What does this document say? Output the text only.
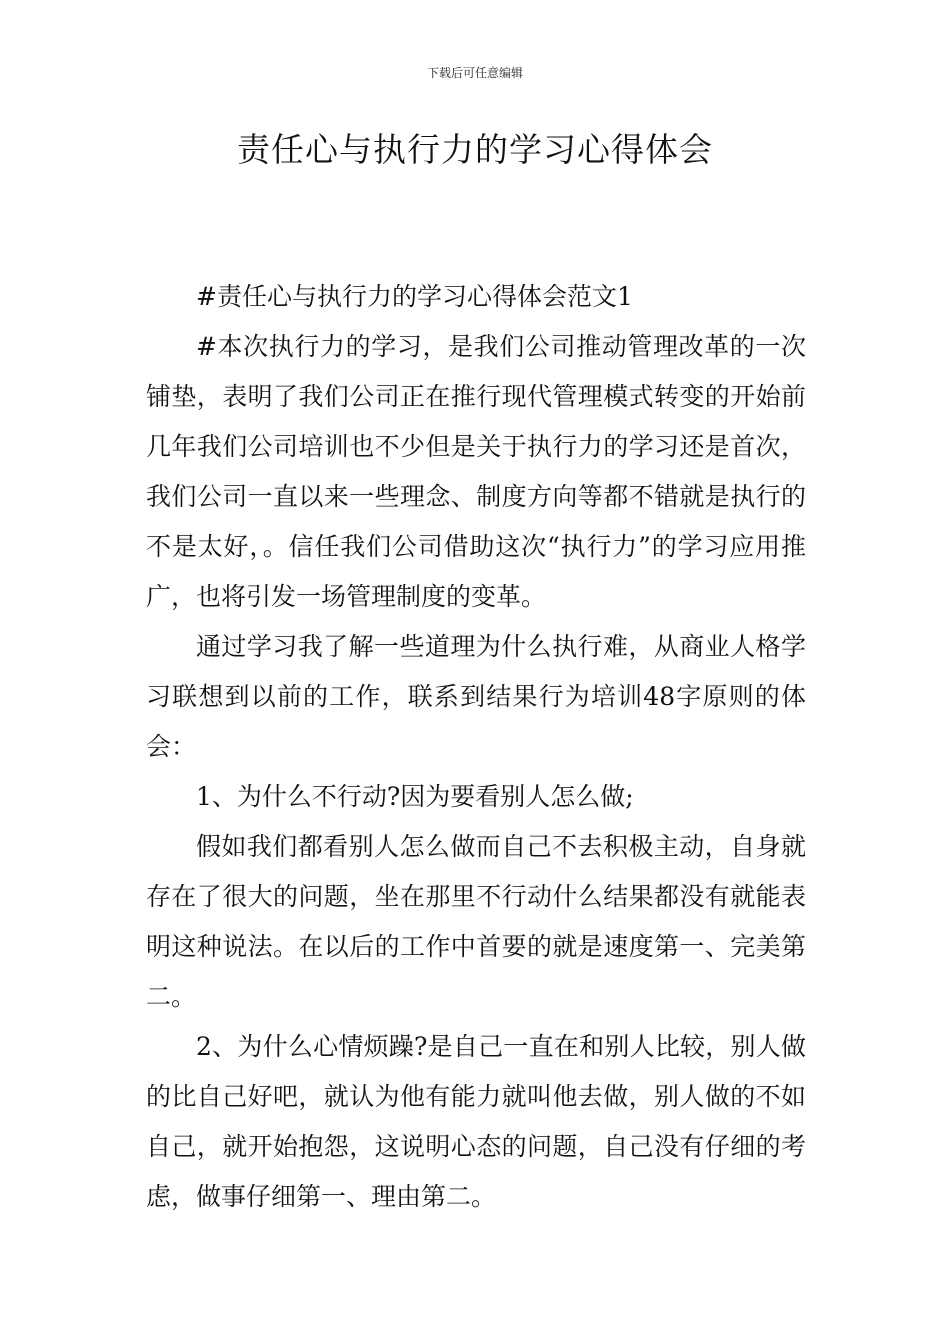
下载后可任意编辑
责任心与执行力的学习心得体会

#责任心与执行力的学习心得体会范文1

#本次执行力的学习，是我们公司推动管理改革的一次铺垫，表明了我们公司正在推行现代管理模式转变的开始前几年我们公司培训也不少但是关于执行力的学习还是首次，我们公司一直以来一些理念、制度方向等都不错就是执行的不是太好，。信任我们公司借助这次“执行力”的学习应用推广，也将引发一场管理制度的变革。

通过学习我了解一些道理为什么执行难，从商业人格学习联想到以前的工作，联系到结果行为培训48字原则的体会：

1、为什么不行动?因为要看别人怎么做;

假如我们都看别人怎么做而自己不去积极主动，自身就存在了很大的问题，坐在那里不行动什么结果都没有就能表明这种说法。在以后的工作中首要的就是速度第一、完美第二。

2、为什么心情烦躁?是自己一直在和别人比较，别人做的比自己好吧，就认为他有能力就叫他去做，别人做的不如自己，就开始抱怨，这说明心态的问题，自己没有仔细的考虑，做事仔细第一、理由第二。
